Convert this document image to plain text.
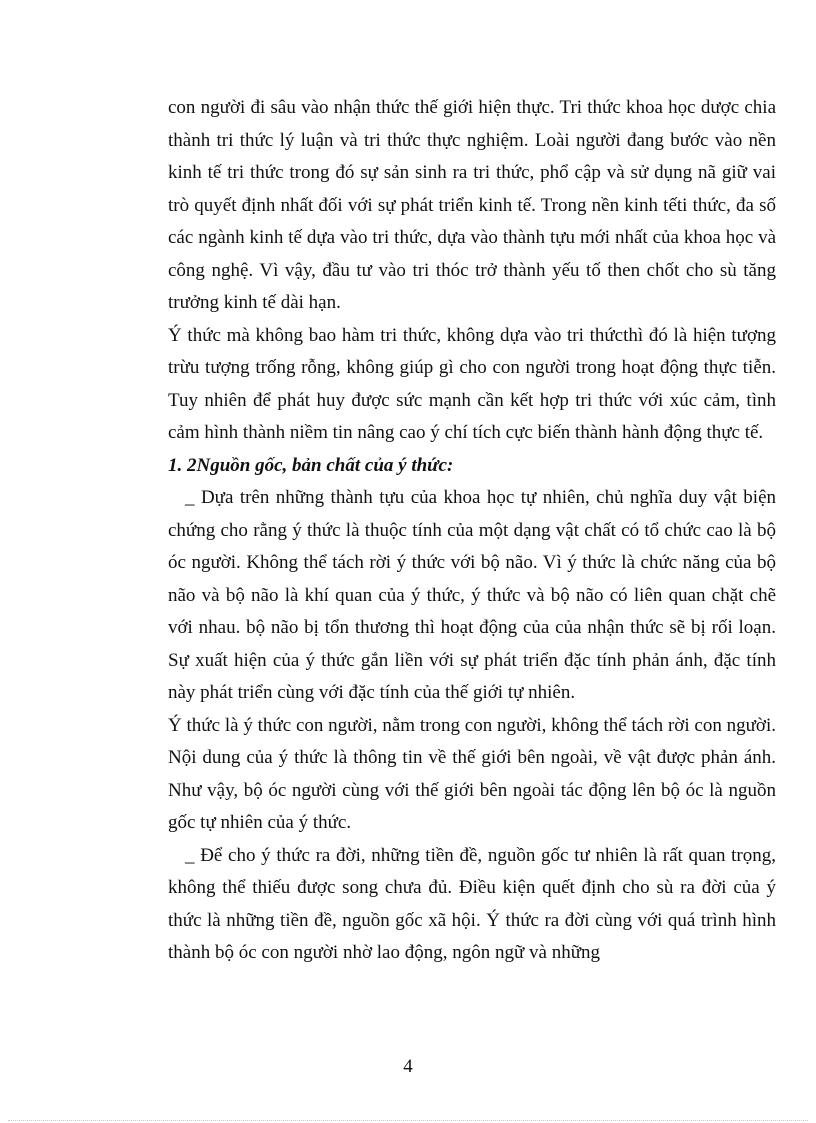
con người đi sâu vào nhận thức thế giới hiện thực. Tri thức khoa học dược chia thành tri thức lý luận và tri thức thực nghiệm. Loài người đang bước vào nền kinh tế tri thức trong đó sự sản sinh ra tri thức, phổ cập và sử dụng nã giữ vai trò quyết định nhất đối với sự phát triển kinh tế. Trong nền kinh tếti thức, đa số các ngành kinh tế dựa vào tri thức, dựa vào thành tựu mới nhất của khoa học và công nghệ. Vì vậy, đầu tư vào tri thóc trở thành yếu tố then chốt cho sù tăng trưởng kinh tế dài hạn.

Ý thức mà không bao hàm tri thức, không dựa vào tri thứcthì đó là hiện tượng trừu tượng trống rỗng, không giúp gì cho con người trong hoạt động thực tiễn. Tuy nhiên để phát huy được sức mạnh cần kết hợp tri thức với xúc cảm, tình cảm hình thành niềm tin nâng cao ý chí tích cực biến thành hành động thực tế.

1. 2Nguồn gốc, bản chất của ý thức:

_ Dựa trên những thành tựu của khoa học tự nhiên, chủ nghĩa duy vật biện chứng cho rằng ý thức là thuộc tính của một dạng vật chất có tổ chức cao là bộ óc người. Không thể tách rời ý thức với bộ não. Vì ý thức là chức năng của bộ não và bộ não là khí quan của ý thức, ý thức và bộ não có liên quan chặt chẽ với nhau. bộ não bị tổn thương thì hoạt động của của nhận thức sẽ bị rối loạn. Sự xuất hiện của ý thức gắn liền với sự phát triển đặc tính phản ánh, đặc tính này phát triển cùng với đặc tính của thế giới tự nhiên.

Ý thức là ý thức con người, nằm trong con người, không thể tách rời con người. Nội dung của ý thức là thông tin về thế giới bên ngoài, về vật được phản ánh. Như vậy, bộ óc người cùng với thế giới bên ngoài tác động lên bộ óc là nguồn gốc tự nhiên của ý thức.

_ Để cho ý thức ra đời, những tiền đề, nguồn gốc tư nhiên là rất quan trọng, không thể thiếu được song chưa đủ. Điều kiện quết định cho sù ra đời của ý thức là những tiền đề, nguồn gốc xã hội. Ý thức ra đời cùng với quá trình hình thành bộ óc con người nhờ lao động, ngôn ngữ và những

4
